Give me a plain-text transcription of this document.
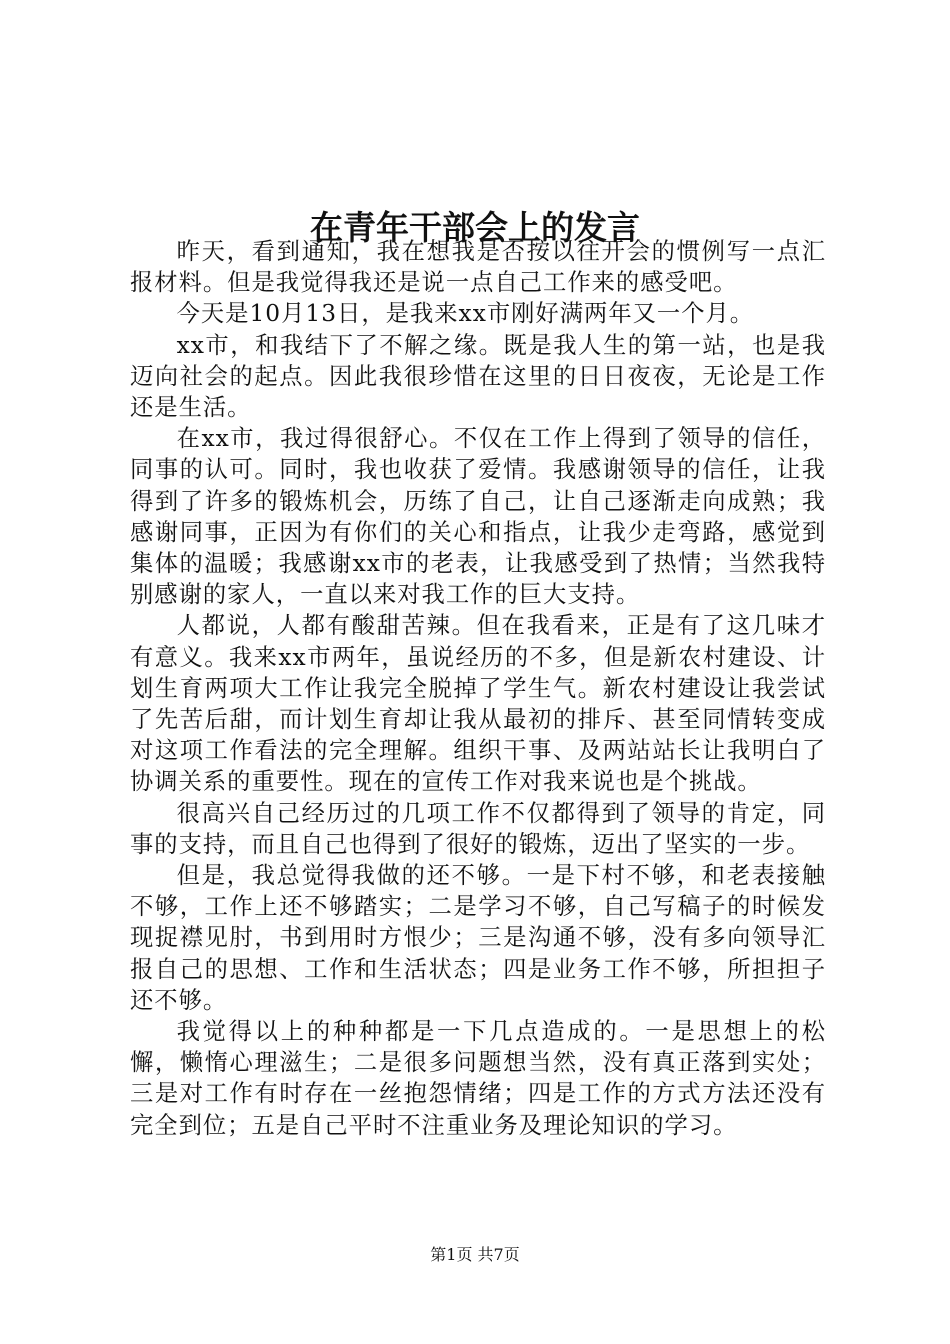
在青年干部会上的发言

昨天，看到通知，我在想我是否按以往开会的惯例写一点汇报材料。但是我觉得我还是说一点自己工作来的感受吧。

今天是10月13日，是我来xx市刚好满两年又一个月。

xx市，和我结下了不解之缘。既是我人生的第一站，也是我迈向社会的起点。因此我很珍惜在这里的日日夜夜，无论是工作还是生活。

在xx市，我过得很舒心。不仅在工作上得到了领导的信任，同事的认可。同时，我也收获了爱情。我感谢领导的信任，让我得到了许多的锻炼机会，历练了自己，让自己逐渐走向成熟；我感谢同事，正因为有你们的关心和指点，让我少走弯路，感觉到集体的温暖；我感谢xx市的老表，让我感受到了热情；当然我特别感谢的家人，一直以来对我工作的巨大支持。

人都说，人都有酸甜苦辣。但在我看来，正是有了这几味才有意义。我来xx市两年，虽说经历的不多，但是新农村建设、计划生育两项大工作让我完全脱掉了学生气。新农村建设让我尝试了先苦后甜，而计划生育却让我从最初的排斥、甚至同情转变成对这项工作看法的完全理解。组织干事、及两站站长让我明白了协调关系的重要性。现在的宣传工作对我来说也是个挑战。

很高兴自己经历过的几项工作不仅都得到了领导的肯定，同事的支持，而且自己也得到了很好的锻炼，迈出了坚实的一步。

但是，我总觉得我做的还不够。一是下村不够，和老表接触不够，工作上还不够踏实；二是学习不够，自己写稿子的时候发现捉襟见肘，书到用时方恨少；三是沟通不够，没有多向领导汇报自己的思想、工作和生活状态；四是业务工作不够，所担担子还不够。

我觉得以上的种种都是一下几点造成的。一是思想上的松懈，懒惰心理滋生；二是很多问题想当然，没有真正落到实处；三是对工作有时存在一丝抱怨情绪；四是工作的方式方法还没有完全到位；五是自己平时不注重业务及理论知识的学习。

第1页 共7页
